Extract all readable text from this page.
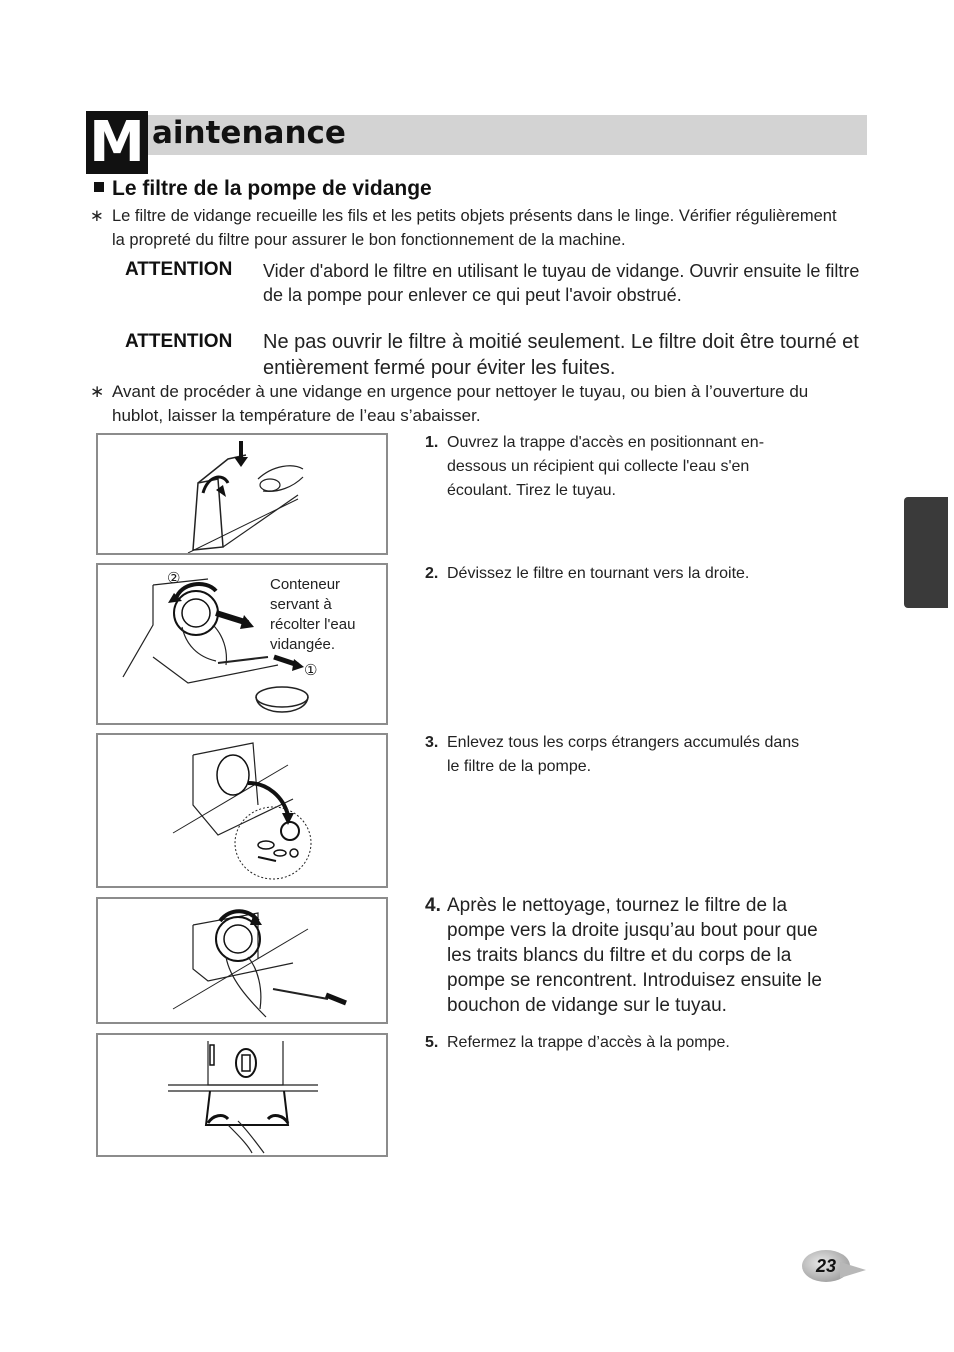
M aintenance
Le filtre de la pompe de vidange
∗ Le filtre de vidange recueille les fils et les petits objets présents dans le linge. Vérifier régulièrement la propreté du filtre pour assurer le bon fonctionnement de la machine.
ATTENTION Vider d'abord le filtre en utilisant le tuyau de vidange. Ouvrir ensuite le filtre de la pompe pour enlever ce qui peut l'avoir obstrué.
ATTENTION Ne pas ouvrir le filtre à moitié seulement. Le filtre doit être tourné et entièrement fermé pour éviter les fuites.
∗ Avant de procéder à une vidange en urgence pour nettoyer le tuyau, ou bien à l’ouverture du hublot, laisser la température de l’eau s’abaisser.
Conteneur servant à récolter l'eau vidangée.
②
①
1. Ouvrez la trappe d'accès en positionnant en-dessous un récipient qui collecte l'eau s'en écoulant. Tirez le tuyau.
2. Dévissez le filtre en tournant vers la droite.
3. Enlevez tous les corps étrangers accumulés dans le filtre de la pompe.
4. Après le nettoyage, tournez le filtre de la pompe vers la droite jusqu’au bout pour que les traits blancs du filtre et du corps de la pompe se rencontrent. Introduisez ensuite le bouchon de vidange sur le tuyau.
5. Refermez la trappe d’accès à la pompe.
23
